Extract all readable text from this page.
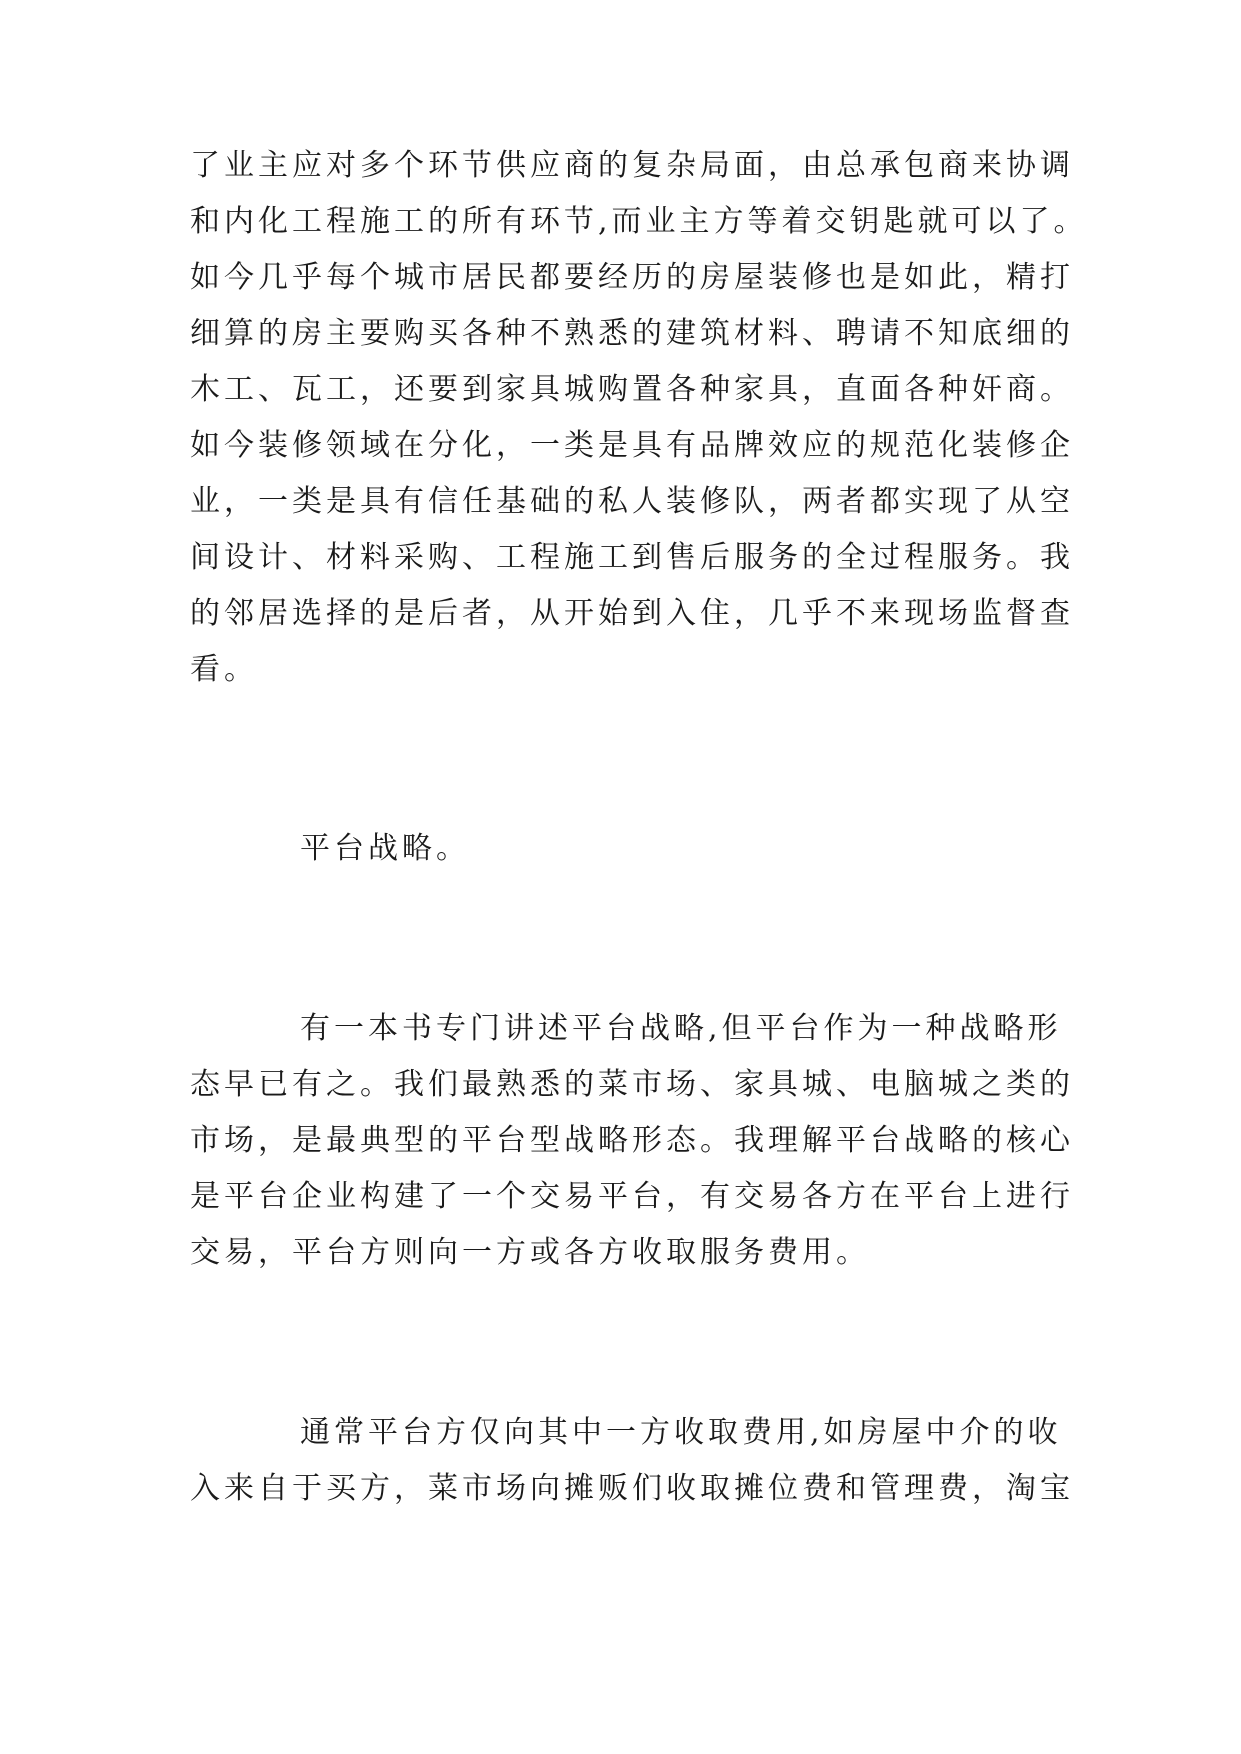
了业主应对多个环节供应商的复杂局面，由总承包商来协调
和内化工程施工的所有环节,而业主方等着交钥匙就可以了。
如今几乎每个城市居民都要经历的房屋装修也是如此，精打
细算的房主要购买各种不熟悉的建筑材料、聘请不知底细的
木工、瓦工，还要到家具城购置各种家具，直面各种奸商。
如今装修领域在分化，一类是具有品牌效应的规范化装修企
业，一类是具有信任基础的私人装修队，两者都实现了从空
间设计、材料采购、工程施工到售后服务的全过程服务。我
的邻居选择的是后者，从开始到入住，几乎不来现场监督查
看。
平台战略。
有一本书专门讲述平台战略,但平台作为一种战略形
态早已有之。我们最熟悉的菜市场、家具城、电脑城之类的
市场，是最典型的平台型战略形态。我理解平台战略的核心
是平台企业构建了一个交易平台，有交易各方在平台上进行
交易，平台方则向一方或各方收取服务费用。
通常平台方仅向其中一方收取费用,如房屋中介的收
入来自于买方，菜市场向摊贩们收取摊位费和管理费，淘宝
